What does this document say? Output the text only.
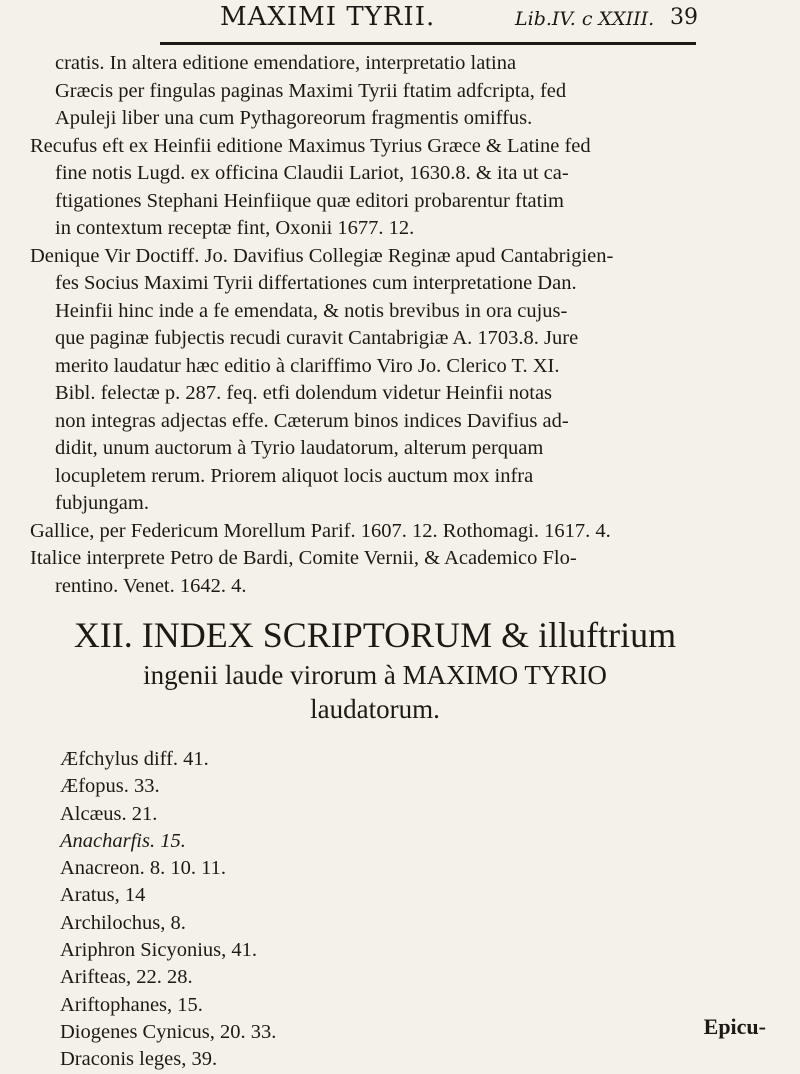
MAXIMI TYRII.	Lib.IV. c XXIII. 39
cratis. In altera editione emendatiore, interpretatio latina
Græcis per fingulas paginas Maximi Tyrii ftatim adfcripta, fed
Apuleji liber una cum Pythagoreorum fragmentis omiffus.
Recufus eft ex Heinfii editione Maximus Tyrius Græce & Latine fed
fine notis Lugd. ex officina Claudii Lariot, 1630.8. & ita ut ca-
ftigationes Stephani Heinfiique quæ editori probarentur ftatim
in contextum receptæ fint, Oxonii 1677. 12.
Denique Vir Doctiff. Jo. Davifius Collegiæ Reginæ apud Cantabrigien-
fes Socius Maximi Tyrii differtationes cum interpretatione Dan.
Heinfii hinc inde a fe emendata, & notis brevibus in ora cujus-
que paginæ fubjectis recudi curavit Cantabrigiæ A. 1703.8. Jure
merito laudatur hæc editio à clariffimo Viro Jo. Clerico T. XI.
Bibl. felectæ p. 287. feq. etfi dolendum videtur Heinfii notas
non integras adjectas effe. Cæterum binos indices Davifius ad-
didit, unum auctorum à Tyrio laudatorum, alterum perquam
locupletem rerum. Priorem aliquot locis auctum mox infra
fubjungam.
Gallice, per Federicum Morellum Parif. 1607. 12. Rothomagi. 1617. 4.
Italice interprete Petro de Bardi, Comite Vernii, & Academico Flo-
rentino. Venet. 1642. 4.
XII. INDEX SCRIPTORUM & illuftrium
ingenii laude virorum à MAXIMO TYRIO
laudatorum.
Æfchylus diff. 41.
Æfopus. 33.
Alcæus. 21.
Anacharfis. 15.
Anacreon. 8. 10. 11.
Aratus, 14
Archilochus, 8.
Ariphron Sicyonius, 41.
Arifteas, 22. 28.
Ariftophanes, 15.
Diogenes Cynicus, 20. 33.
Draconis leges, 39.
Epicu-
